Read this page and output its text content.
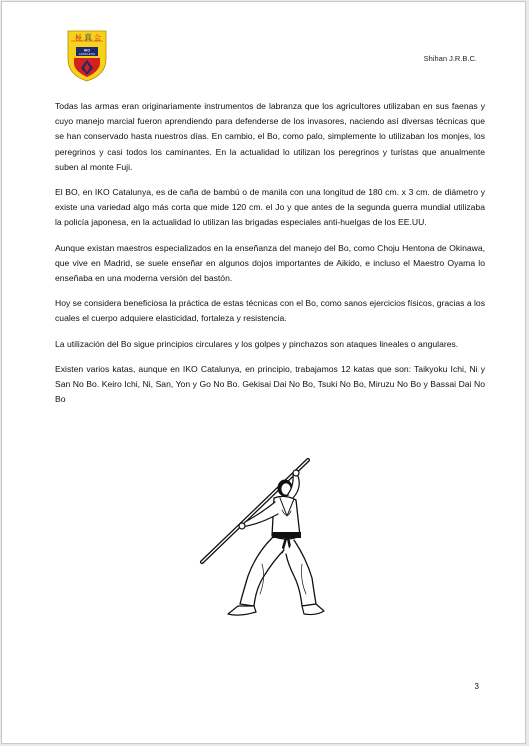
極 真 会
IKO
CATALUNYA	Shihan J.R.B.C.

Todas las armas eran originariamente instrumentos de labranza que los agricultores utilizaban en sus faenas y cuyo manejo marcial fueron aprendiendo para defenderse de los invasores, naciendo así diversas técnicas que se han conservado hasta nuestros días. En cambio, el Bo, como palo, simplemente lo utilizaban los monjes, los peregrinos y casi todos los caminantes. En la actualidad lo utilizan los peregrinos y turistas que anualmente suben al monte Fuji.

El BO, en IKO Catalunya, es de caña de bambú o de manila con una longitud de 180 cm. x 3 cm. de diámetro y existe una variedad algo más corta que mide 120 cm. el Jo y que antes de la segunda guerra mundial utilizaba la policía japonesa, en la actualidad lo utilizan las brigadas especiales anti-huelgas de los EE.UU.

Aunque existan maestros especializados en la enseñanza del manejo del Bo, como Choju Hentona de Okinawa, que vive en Madrid, se suele enseñar en algunos dojos importantes de Aikido, e incluso el Maestro Oyama lo enseñaba en una moderna versión del bastón.

Hoy se considera beneficiosa la práctica de estas técnicas con el Bo, como sanos ejercicios físicos, gracias a los cuales el cuerpo adquiere elasticidad, fortaleza y resistencia.

La utilización del Bo sigue principios circulares y los golpes y pinchazos son ataques lineales o angulares.

Existen varios katas, aunque en IKO Catalunya, en principio, trabajamos 12 katas que son: Taikyoku Ichi, Ni y San No Bo. Keiro Ichi, Ni, San, Yon y Go No Bo. Gekisai Dai No Bo, Tsuki No Bo, Miruzu No Bo y Bassai Dai No Bo

3
